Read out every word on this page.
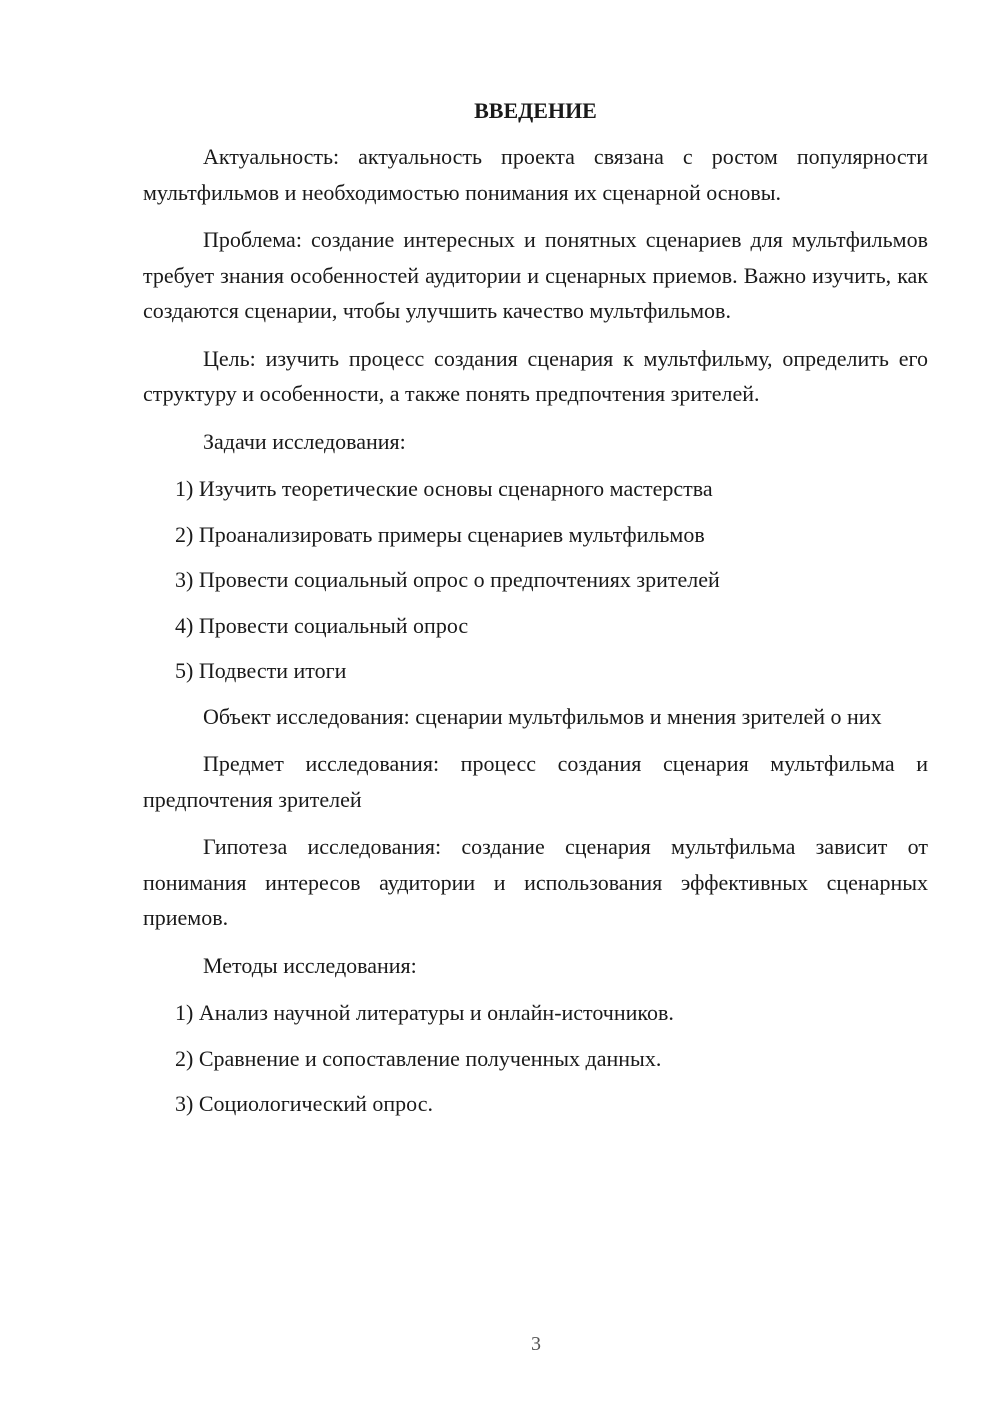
ВВЕДЕНИЕ

Актуальность: актуальность проекта связана с ростом популярности мультфильмов и необходимостью понимания их сценарной основы.

Проблема: создание интересных и понятных сценариев для мультфильмов требует знания особенностей аудитории и сценарных приемов. Важно изучить, как создаются сценарии, чтобы улучшить качество мультфильмов.

Цель: изучить процесс создания сценария к мультфильму, определить его структуру и особенности, а также понять предпочтения зрителей.

Задачи исследования:

1) Изучить теоретические основы сценарного мастерства
2) Проанализировать примеры сценариев мультфильмов
3) Провести социальный опрос о предпочтениях зрителей
4) Провести социальный опрос
5) Подвести итоги

Объект исследования: сценарии мультфильмов и мнения зрителей о них

Предмет исследования: процесс создания сценария мультфильма и предпочтения зрителей

Гипотеза исследования: создание сценария мультфильма зависит от понимания интересов аудитории и использования эффективных сценарных приемов.

Методы исследования:

1) Анализ научной литературы и онлайн-источников.
2) Сравнение и сопоставление полученных данных.
3) Социологический опрос.
3
